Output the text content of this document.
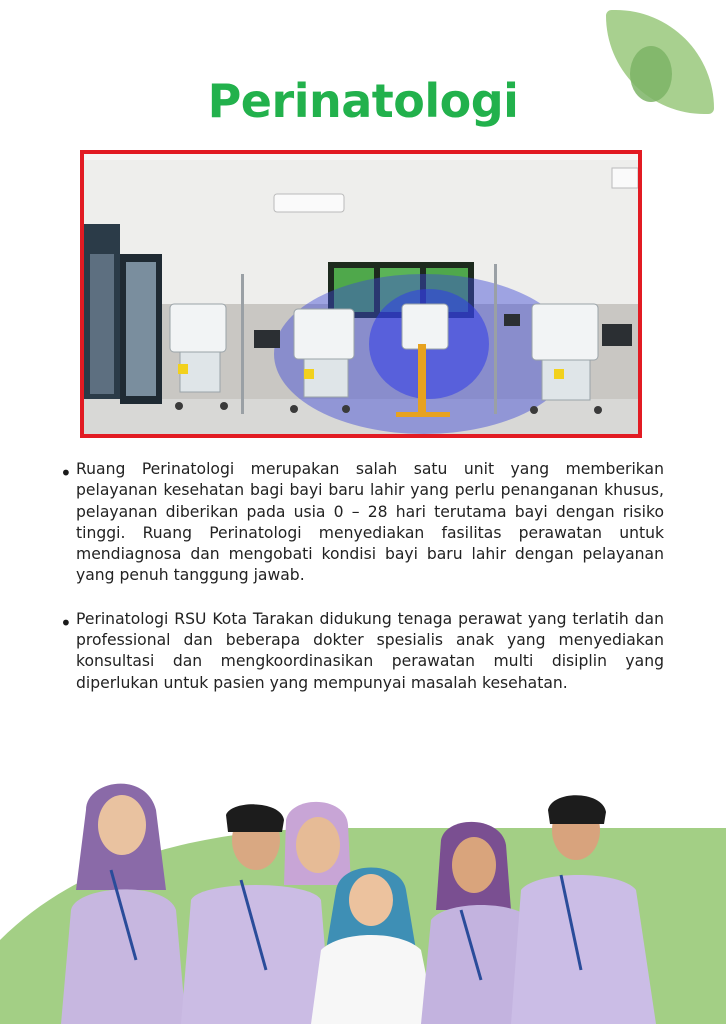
Perinatologi
• Ruang Perinatologi merupakan salah satu unit yang memberikan pelayanan kesehatan bagi bayi baru lahir yang perlu penanganan khusus, pelayanan diberikan pada usia 0 – 28 hari terutama bayi dengan risiko tinggi. Ruang Perinatologi menyediakan fasilitas perawatan untuk mendiagnosa dan mengobati kondisi bayi baru lahir dengan pelayanan yang penuh tanggung jawab.

• Perinatologi RSU Kota Tarakan didukung tenaga perawat yang terlatih dan professional dan beberapa dokter spesialis anak yang menyediakan konsultasi dan mengkoordinasikan perawatan multi disiplin yang diperlukan untuk pasien yang mempunyai masalah kesehatan.
